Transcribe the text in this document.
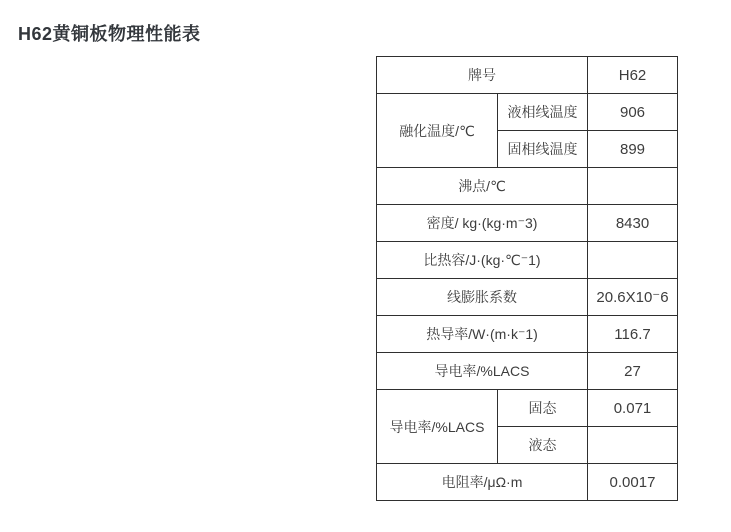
H62黄铜板物理性能表
牌号		H62
融化温度/℃	液相线温度	906
	固相线温度	899
沸点/℃		
密度/ kg·(kg·m⁻3)		8430
比热容/J·(kg·℃⁻1)		
线膨胀系数		20.6X10⁻6
热导率/W·(m·k⁻1)		116.7
导电率/%LACS		27
导电率/%LACS	固态	0.071
	液态	
电阻率/μΩ·m		0.0017
